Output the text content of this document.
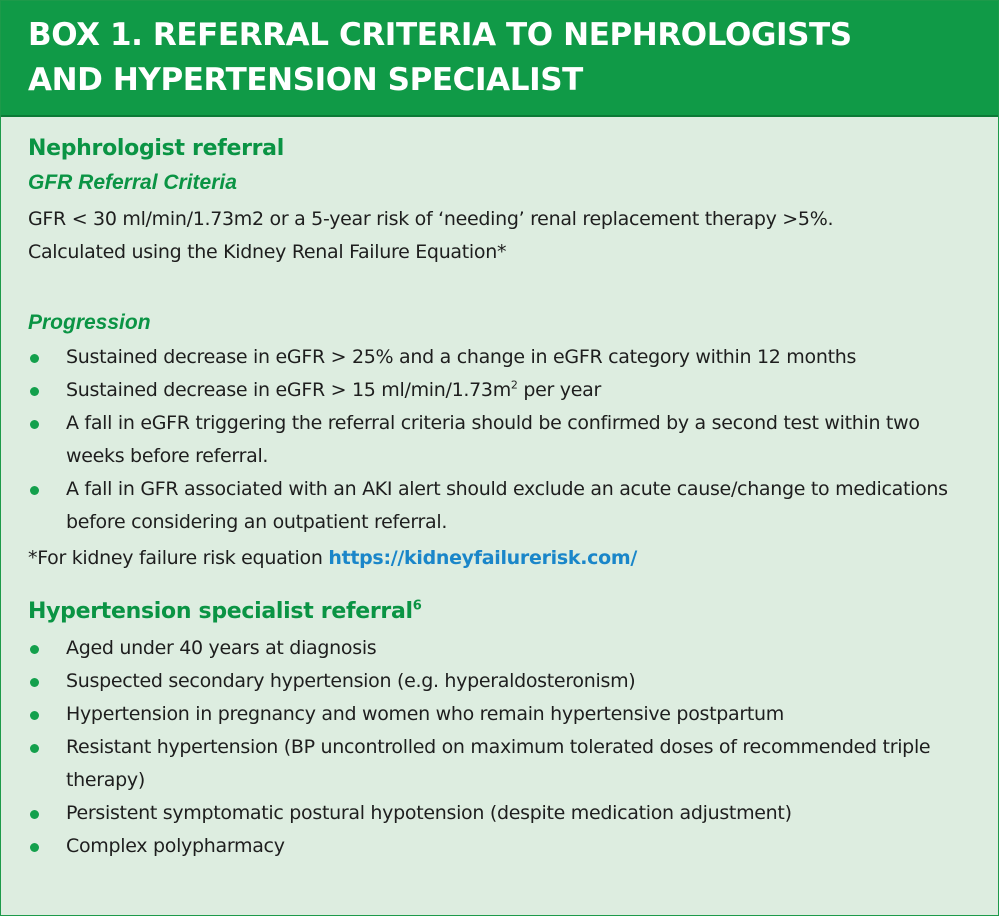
BOX 1. REFERRAL CRITERIA TO NEPHROLOGISTS
AND HYPERTENSION SPECIALIST
Nephrologist referral
GFR Referral Criteria
GFR < 30 ml/min/1.73m2 or a 5-year risk of ‘needing’ renal replacement therapy >5%.
Calculated using the Kidney Renal Failure Equation*
Progression
Sustained decrease in eGFR > 25% and a change in eGFR category within 12 months
Sustained decrease in eGFR > 15 $ml/\min/1.73m^2$ per year
A fall in eGFR triggering the referral criteria should be confirmed by a second test within two weeks before referral.
A fall in GFR associated with an AKI alert should exclude an acute cause/change to medications before considering an outpatient referral.
*For kidney failure risk equation https://kidneyfailurerisk.com/
Hypertension specialist referral$^6$
Aged under 40 years at diagnosis
Suspected secondary hypertension (e.g. hyperaldosteronism)
Hypertension in pregnancy and women who remain hypertensive postpartum
Resistant hypertension (BP uncontrolled on maximum tolerated doses of recommended triple therapy)
Persistent symptomatic postural hypotension (despite medication adjustment)
Complex polypharmacy
